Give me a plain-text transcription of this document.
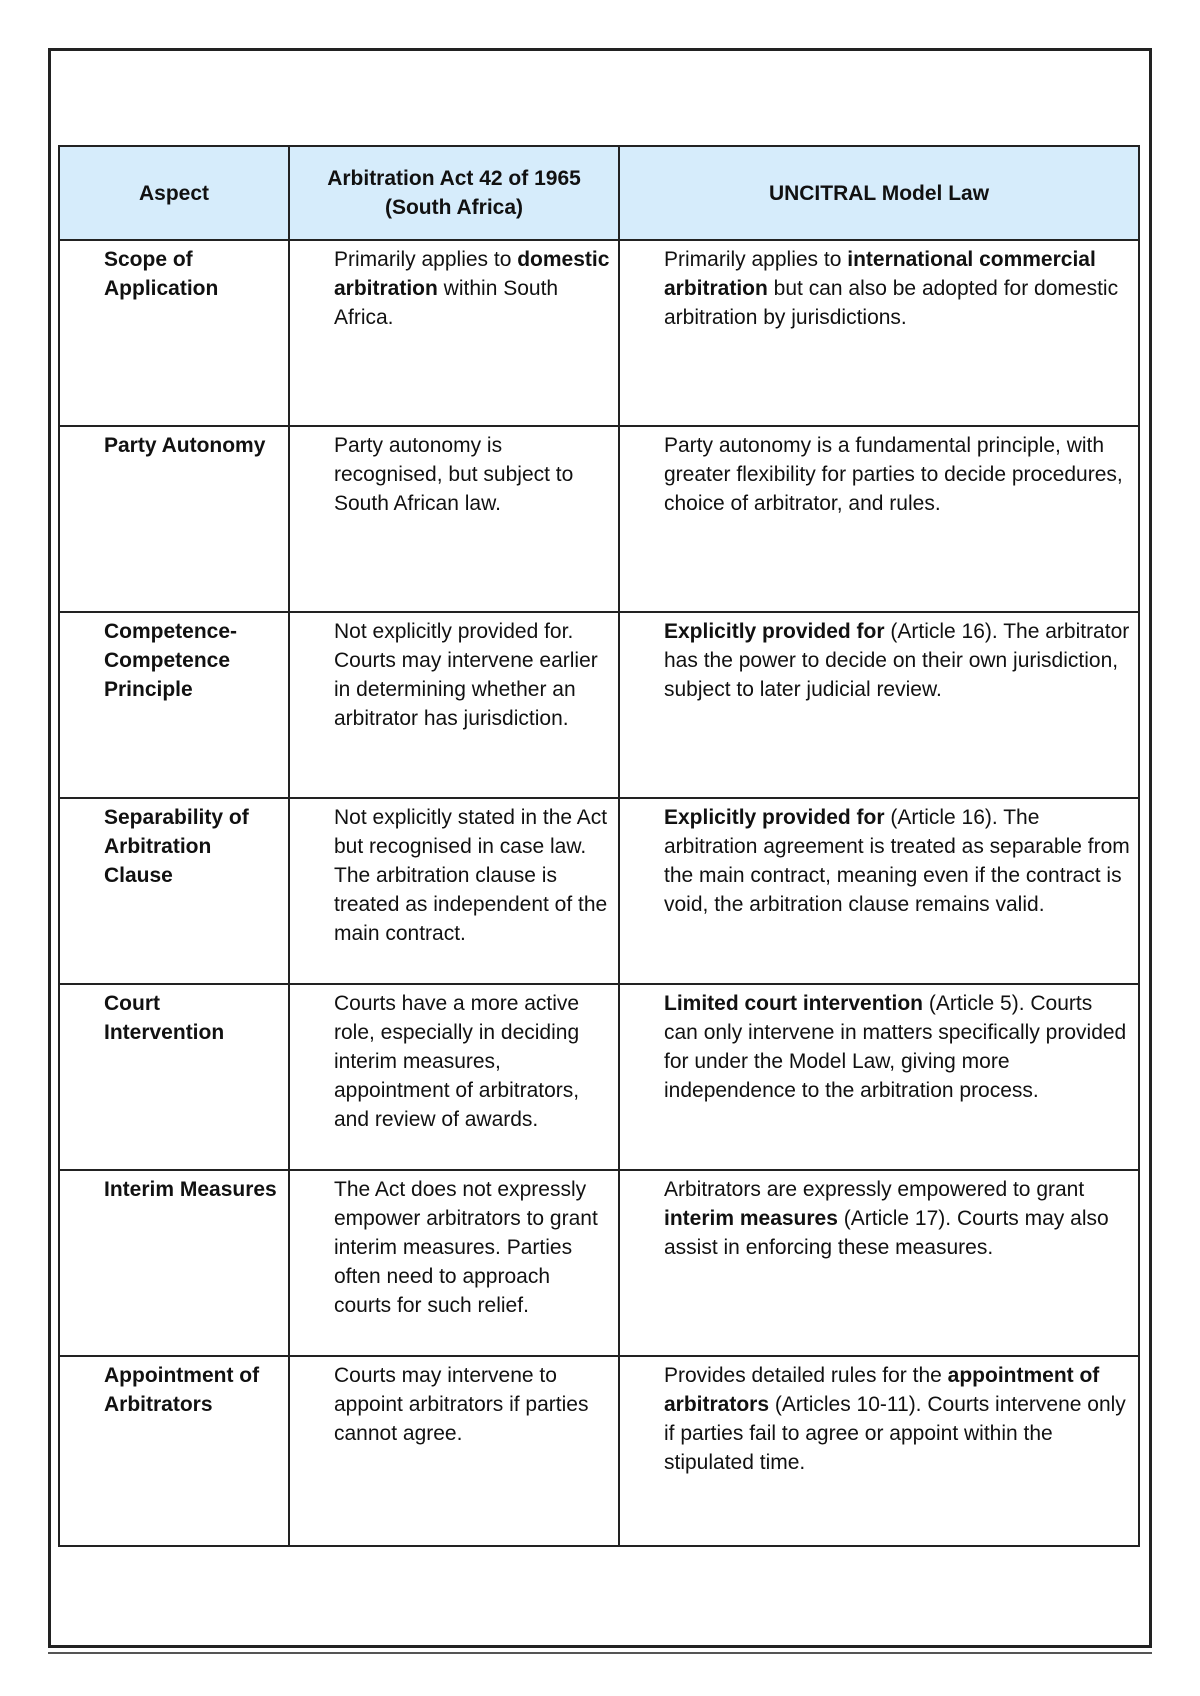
Aspect	Arbitration Act 42 of 1965 (South Africa)	UNCITRAL Model Law
Scope of Application	Primarily applies to domestic arbitration within South Africa.	Primarily applies to international commercial arbitration but can also be adopted for domestic arbitration by jurisdictions.
Party Autonomy	Party autonomy is recognised, but subject to South African law.	Party autonomy is a fundamental principle, with greater flexibility for parties to decide procedures, choice of arbitrator, and rules.
Competence-Competence Principle	Not explicitly provided for. Courts may intervene earlier in determining whether an arbitrator has jurisdiction.	Explicitly provided for (Article 16). The arbitrator has the power to decide on their own jurisdiction, subject to later judicial review.
Separability of Arbitration Clause	Not explicitly stated in the Act but recognised in case law. The arbitration clause is treated as independent of the main contract.	Explicitly provided for (Article 16). The arbitration agreement is treated as separable from the main contract, meaning even if the contract is void, the arbitration clause remains valid.
Court Intervention	Courts have a more active role, especially in deciding interim measures, appointment of arbitrators, and review of awards.	Limited court intervention (Article 5). Courts can only intervene in matters specifically provided for under the Model Law, giving more independence to the arbitration process.
Interim Measures	The Act does not expressly empower arbitrators to grant interim measures. Parties often need to approach courts for such relief.	Arbitrators are expressly empowered to grant interim measures (Article 17). Courts may also assist in enforcing these measures.
Appointment of Arbitrators	Courts may intervene to appoint arbitrators if parties cannot agree.	Provides detailed rules for the appointment of arbitrators (Articles 10-11). Courts intervene only if parties fail to agree or appoint within the stipulated time.
